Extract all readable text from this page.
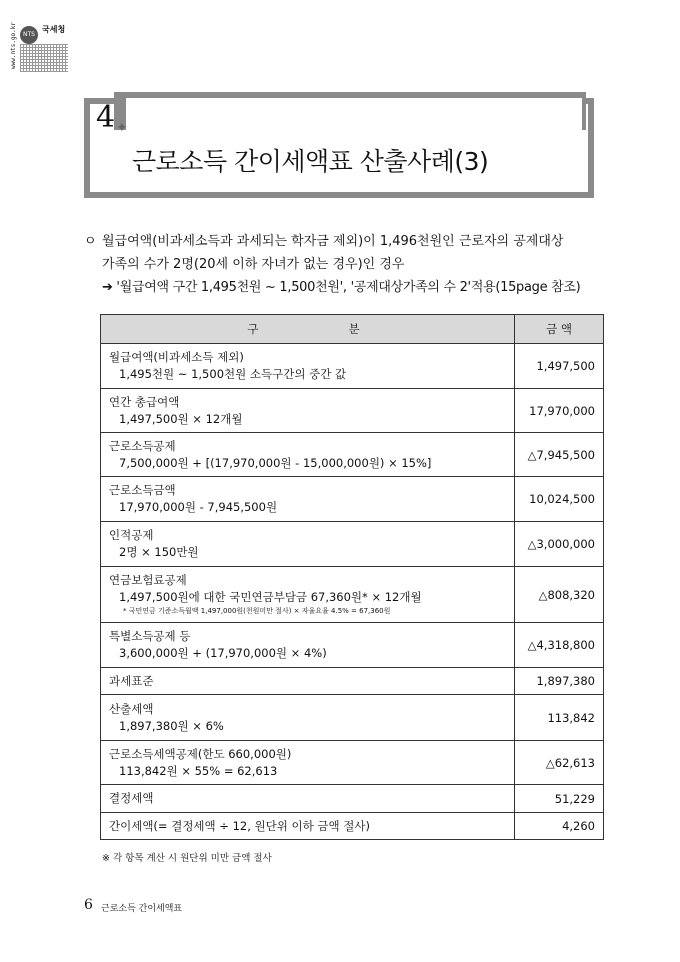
www.nts.go.kr	NTS
국세청
4 ✦
근로소득 간이세액표 산출사례(3)
ㅇ 월급여액(비과세소득과 과세되는 학자금 제외)이 1,496천원인 근로자의 공제대상
가족의 수가 2명(20세 이하 자녀가 없는 경우)인 경우
➔ '월급여액 구간 1,495천원 ~ 1,500천원', '공제대상가족의 수 2'적용(15page 참조)
구분	금 액

월급여액(비과세소득 제외)
1,495천원 ~ 1,500천원 소득구간의 중간 값	1,497,500

연간 총급여액
1,497,500원 × 12개월	17,970,000

근로소득공제
7,500,000원 + [(17,970,000원 - 15,000,000원) × 15%]	△7,945,500

근로소득금액
17,970,000원 - 7,945,500원	10,024,500

인적공제
2명 × 150만원	△3,000,000

연금보험료공제
1,497,500원에 대한 국민연금부담금 67,360원* × 12개월
* 국민연금 기준소득월액 1,497,000원(천원미만 절사) × 자율요율 4.5% = 67,360원	△808,320

특별소득공제 등
3,600,000원 + (17,970,000원 × 4%)	△4,318,800

과세표준	1,897,380

산출세액
1,897,380원 × 6%	113,842

근로소득세액공제(한도 660,000원)
113,842원 × 55% = 62,613	△62,613

결정세액	51,229

간이세액(= 결정세액 ÷ 12, 원단위 이하 금액 절사)	4,260
※ 각 항목 계산 시 원단위 미만 금액 절사
6 근로소득 간이세액표
